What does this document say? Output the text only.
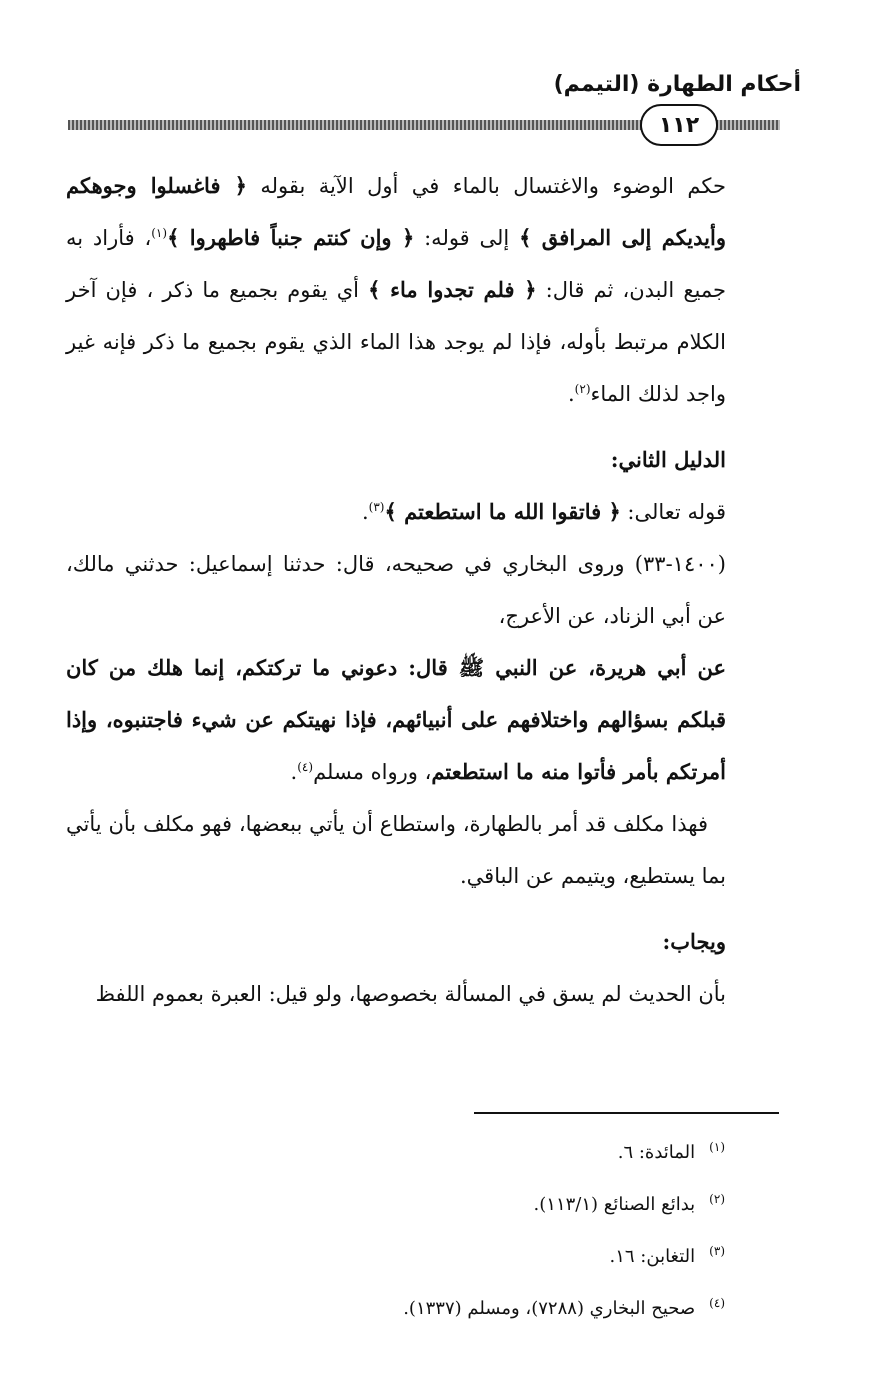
أحكام الطهارة (التيمم)
١١٢

حكم الوضوء والاغتسال بالماء في أول الآية بقوله ﴿ فاغسلوا وجوهكم وأيديكم إلى المرافق ﴾ إلى قوله: ﴿ وإن كنتم جنباً فاطهروا ﴾$^{(١)}$، فأراد به جميع البدن، ثم قال: ﴿ فلم تجدوا ماء ﴾ أي يقوم بجميع ما ذكر ، فإن آخر الكلام مرتبط بأوله، فإذا لم يوجد هذا الماء الذي يقوم بجميع ما ذكر فإنه غير واجد لذلك الماء$^{(٢)}$.

الدليل الثاني:

قوله تعالى: ﴿ فاتقوا الله ما استطعتم ﴾$^{(٣)}$.

(١٤٠٠-٣٣) وروى البخاري في صحيحه، قال: حدثنا إسماعيل: حدثني مالك، عن أبي الزناد، عن الأعرج،

عن أبي هريرة، عن النبي ﷺ قال: دعوني ما تركتكم، إنما هلك من كان قبلكم بسؤالهم واختلافهم على أنبيائهم، فإذا نهيتكم عن شيء فاجتنبوه، وإذا أمرتكم بأمر فأتوا منه ما استطعتم، ورواه مسلم$^{(٤)}$.

فهذا مكلف قد أمر بالطهارة، واستطاع أن يأتي ببعضها، فهو مكلف بأن يأتي بما يستطيع، ويتيمم عن الباقي.

ويجاب:

بأن الحديث لم يسق في المسألة بخصوصها، ولو قيل: العبرة بعموم اللفظ

$^{(١)}$المائدة: ٦.
$^{(٢)}$بدائع الصنائع (١١٣/١).
$^{(٣)}$التغابن: ١٦.
$^{(٤)}$صحيح البخاري (٧٢٨٨)، ومسلم (١٣٣٧).
